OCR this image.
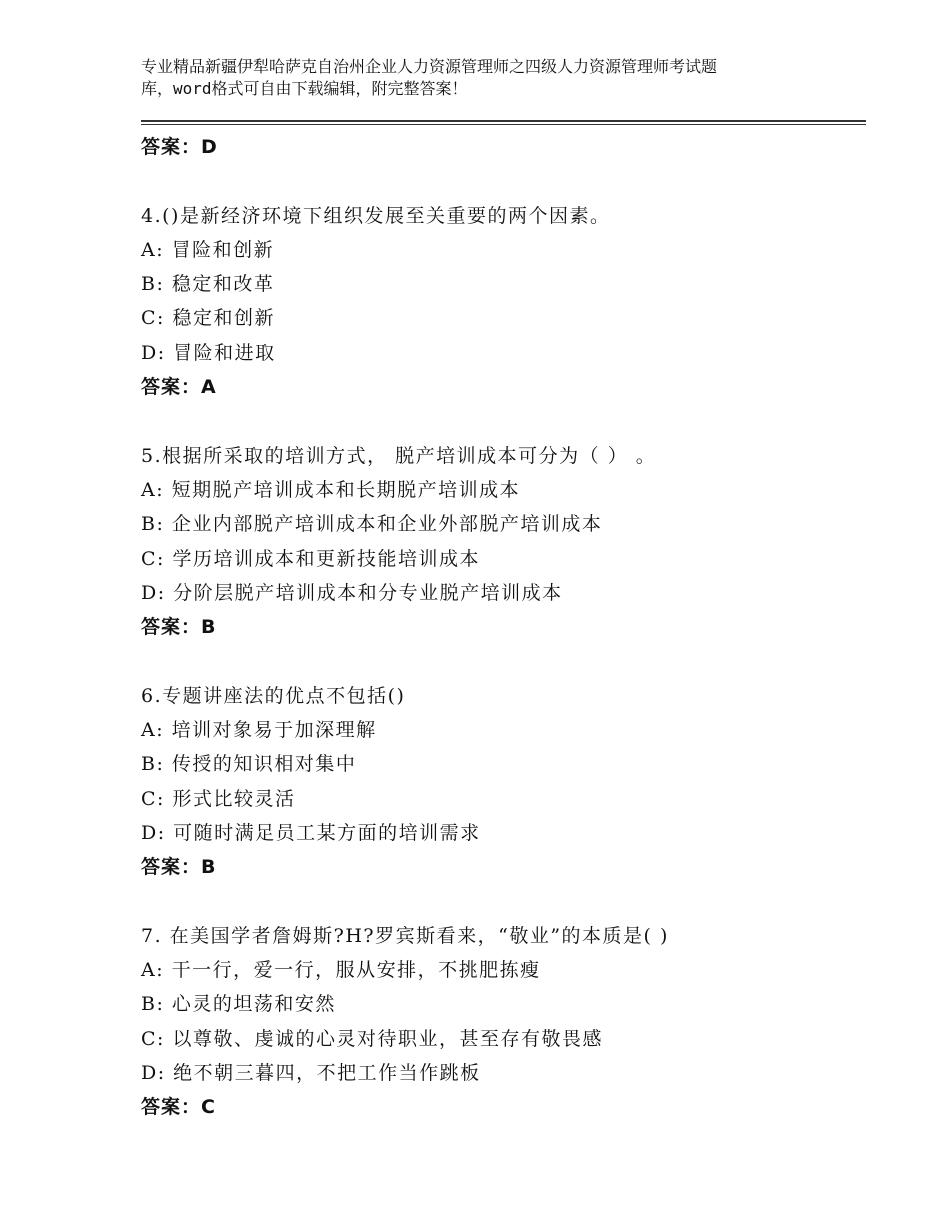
专业精品新疆伊犁哈萨克自治州企业人力资源管理师之四级人力资源管理师考试题
库，word格式可自由下载编辑，附完整答案！
答案：D
4.()是新经济环境下组织发展至关重要的两个因素。
A: 冒险和创新
B: 稳定和改革
C: 稳定和创新
D: 冒险和进取
答案：A
5.根据所采取的培训方式， 脱产培训成本可分为（ ） 。
A: 短期脱产培训成本和长期脱产培训成本
B: 企业内部脱产培训成本和企业外部脱产培训成本
C: 学历培训成本和更新技能培训成本
D: 分阶层脱产培训成本和分专业脱产培训成本
答案：B
6.专题讲座法的优点不包括()
A: 培训对象易于加深理解
B: 传授的知识相对集中
C: 形式比较灵活
D: 可随时满足员工某方面的培训需求
答案：B
7. 在美国学者詹姆斯?H?罗宾斯看来，“敬业”的本质是( )
A: 干一行，爱一行，服从安排，不挑肥拣瘦
B: 心灵的坦荡和安然
C: 以尊敬、虔诚的心灵对待职业，甚至存有敬畏感
D: 绝不朝三暮四，不把工作当作跳板
答案：C
